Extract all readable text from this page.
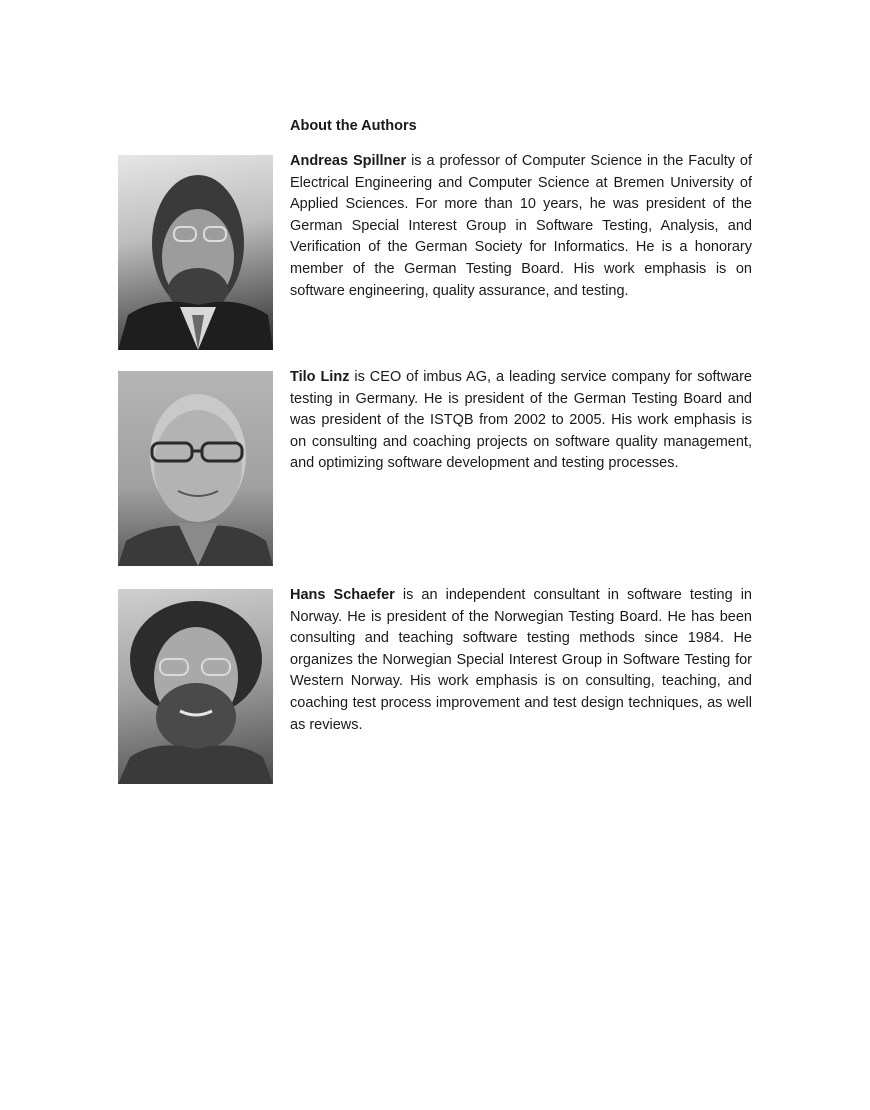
About the Authors

Andreas Spillner is a professor of Computer Science in the Faculty of Electrical Engineering and Computer Science at Bremen University of Applied Sciences. For more than 10 years, he was president of the German Special Interest Group in Software Testing, Analysis, and Verification of the German Society for Informatics. He is a honorary member of the German Testing Board. His work emphasis is on software engineering, quality assurance, and testing.

Tilo Linz is CEO of imbus AG, a leading service company for software testing in Germany. He is president of the German Testing Board and was president of the ISTQB from 2002 to 2005. His work emphasis is on consulting and coaching projects on software quality management, and optimizing software development and testing processes.

Hans Schaefer is an independent consultant in software testing in Norway. He is president of the Norwegian Testing Board. He has been consulting and teaching software testing methods since 1984. He organizes the Norwegian Special Interest Group in Software Testing for Western Norway. His work emphasis is on consulting, teaching, and coaching test process improvement and test design techniques, as well as reviews.
